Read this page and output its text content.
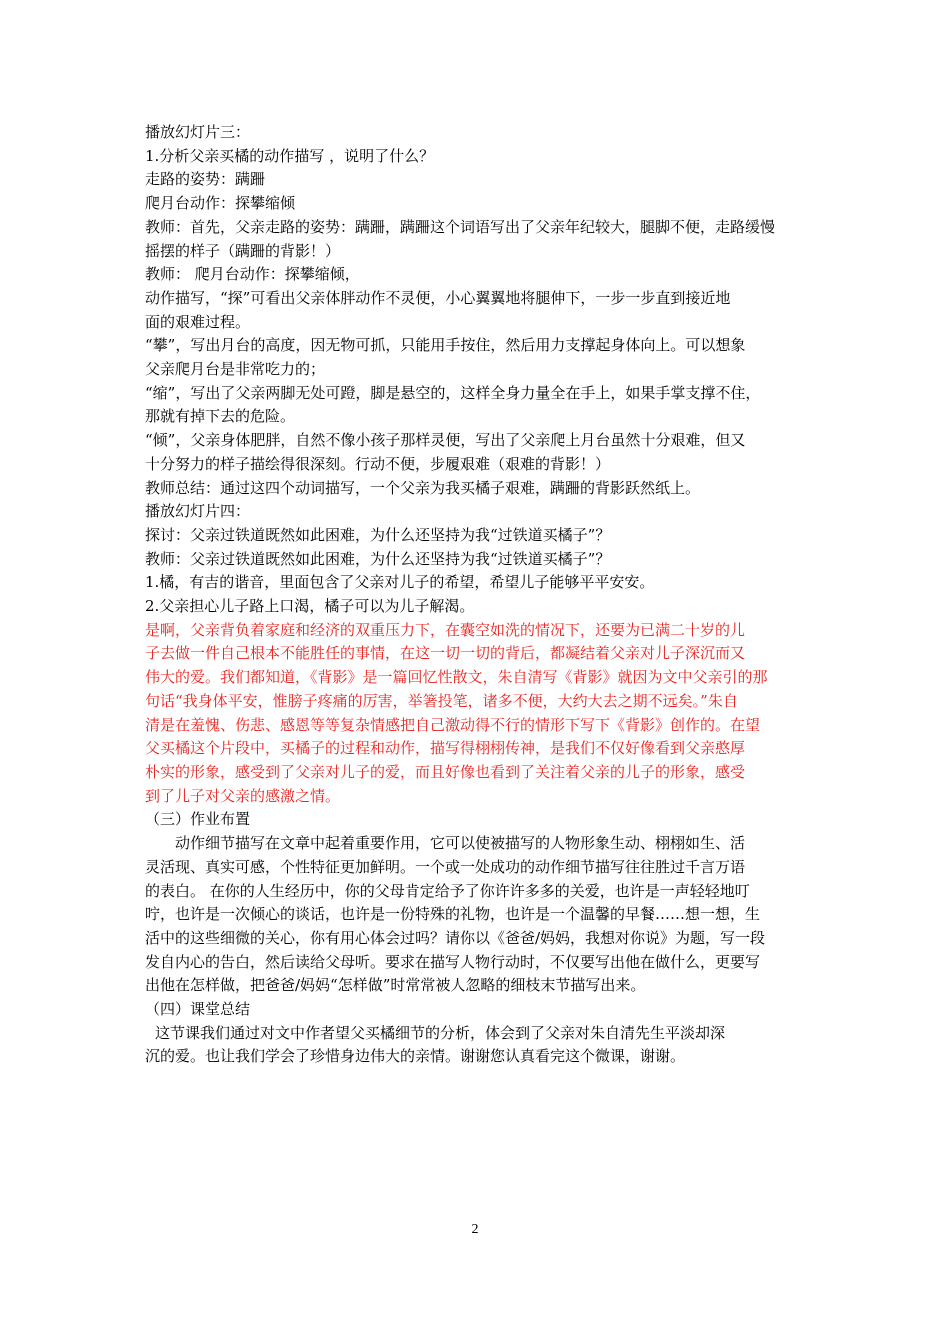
播放幻灯片三：

1.分析父亲买橘的动作描写 ，说明了什么？

走路的姿势：蹒跚

爬月台动作：探攀缩倾

教师：首先，父亲走路的姿势：蹒跚，蹒跚这个词语写出了父亲年纪较大，腿脚不便，走路缓慢

摇摆的样子（蹒跚的背影！）

教师： 爬月台动作：探攀缩倾，

动作描写，“探”可看出父亲体胖动作不灵便，小心翼翼地将腿伸下，一步一步直到接近地

面的艰难过程。

“攀”，写出月台的高度，因无物可抓，只能用手按住，然后用力支撑起身体向上。可以想象

父亲爬月台是非常吃力的；

“缩”，写出了父亲两脚无处可蹬，脚是悬空的，这样全身力量全在手上，如果手掌支撑不住，

那就有掉下去的危险。

“倾”，父亲身体肥胖，自然不像小孩子那样灵便，写出了父亲爬上月台虽然十分艰难，但又

十分努力的样子描绘得很深刻。行动不便，步履艰难（艰难的背影！）

教师总结：通过这四个动词描写，一个父亲为我买橘子艰难，蹒跚的背影跃然纸上。

播放幻灯片四：

探讨：父亲过铁道既然如此困难，为什么还坚持为我“过铁道买橘子”？

教师：父亲过铁道既然如此困难，为什么还坚持为我“过铁道买橘子”？

1.橘，有吉的谐音，里面包含了父亲对儿子的希望，希望儿子能够平平安安。

2.父亲担心儿子路上口渴，橘子可以为儿子解渴。

是啊，父亲背负着家庭和经济的双重压力下，在囊空如洗的情况下，还要为已满二十岁的儿

子去做一件自己根本不能胜任的事情，在这一切一切的背后，都凝结着父亲对儿子深沉而又

伟大的爱。我们都知道，《背影》是一篇回忆性散文，朱自清写《背影》就因为文中父亲引的那

句话“我身体平安，惟膀子疼痛的厉害，举箸投笔，诸多不便，大约大去之期不远矣。”朱自

清是在羞愧、伤悲、感恩等等复杂情感把自己激动得不行的情形下写下《背影》创作的。在望

父买橘这个片段中，买橘子的过程和动作，描写得栩栩传神，是我们不仅好像看到父亲憨厚

朴实的形象，感受到了父亲对儿子的爱，而且好像也看到了关注着父亲的儿子的形象，感受

到了儿子对父亲的感激之情。

（三）作业布置

动作细节描写在文章中起着重要作用，它可以使被描写的人物形象生动、栩栩如生、活

灵活现、真实可感，个性特征更加鲜明。一个或一处成功的动作细节描写往往胜过千言万语

的表白。 在你的人生经历中，你的父母肯定给予了你许许多多的关爱，也许是一声轻轻地叮

咛，也许是一次倾心的谈话，也许是一份特殊的礼物，也许是一个温馨的早餐……想一想，生

活中的这些细微的关心，你有用心体会过吗？请你以《爸爸/妈妈，我想对你说》为题，写一段

发自内心的告白，然后读给父母听。要求在描写人物行动时，不仅要写出他在做什么，更要写

出他在怎样做，把爸爸/妈妈“怎样做”时常常被人忽略的细枝末节描写出来。

（四）课堂总结

这节课我们通过对文中作者望父买橘细节的分析，体会到了父亲对朱自清先生平淡却深

沉的爱。也让我们学会了珍惜身边伟大的亲情。谢谢您认真看完这个微课，谢谢。

2
